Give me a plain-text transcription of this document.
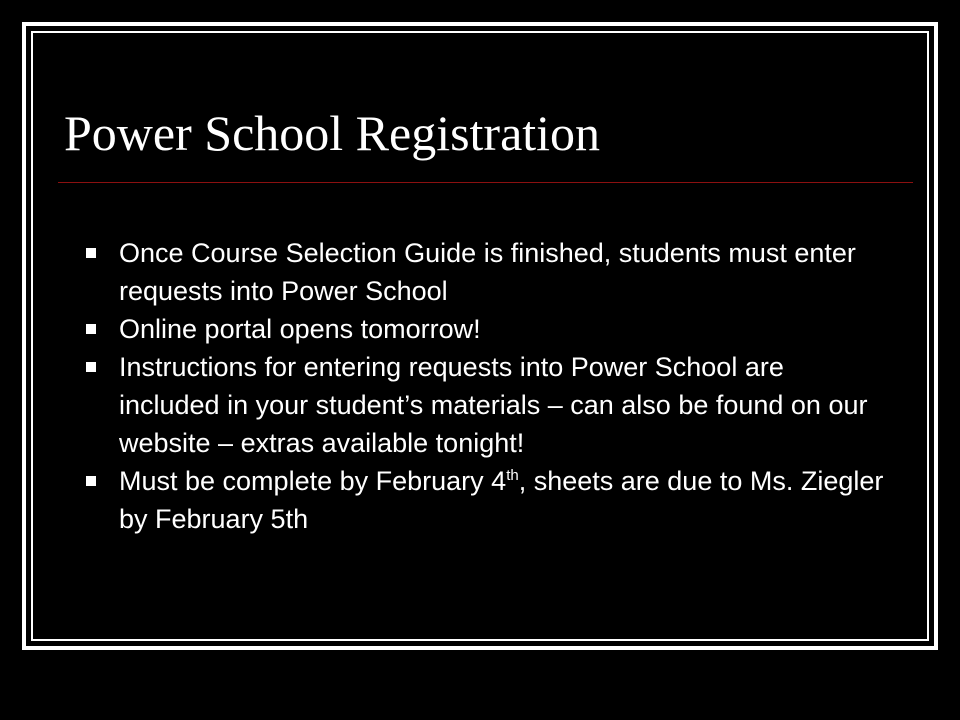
Power School Registration
Once Course Selection Guide is finished, students must enter requests into Power School
Online portal opens tomorrow!
Instructions for entering requests into Power School are included in your student’s materials – can also be found on our website – extras available tonight!
Must be complete by February 4th, sheets are due to Ms. Ziegler by February 5th
